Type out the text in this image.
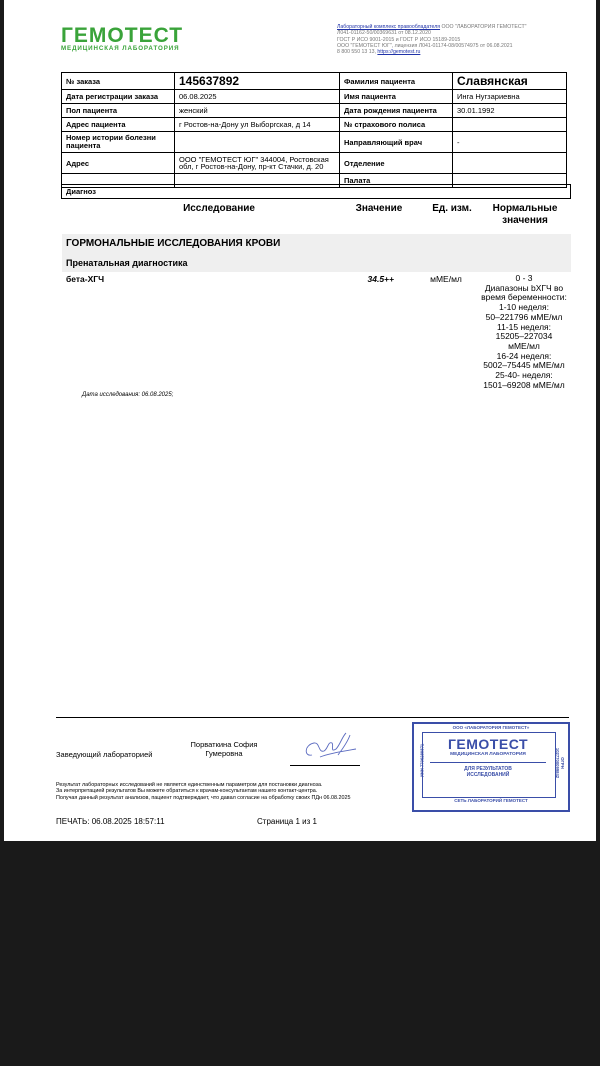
ГЕМОТЕСТ
МЕДИЦИНСКАЯ ЛАБОРАТОРИЯ
Лабораторный комплекс правообладателя ООО "ЛАБОРАТОРИЯ ГЕМОТЕСТ"
Л041-01162-50/00369631 от 08.12.2020
ГОСТ Р ИСО 9001-2015 и ГОСТ Р ИСО 15189-2015
ООО "ГЕМОТЕСТ ЮГ", лицензия Л041-01174-08/00574975 от 06.08.2021
8 800 550 13 13, https://gemotest.ru
№ заказа	145637892	Фамилия пациента	Славянская
Дата регистрации заказа	06.08.2025	Имя пациента	Инга Нугзариевна
Пол пациента	женский	Дата рождения пациента	30.01.1992
Адрес пациента	г Ростов-на-Дону ул Выборгская, д 14	№ страхового полиса	
Номер истории болезни пациента		Направляющий врач	-
Адрес	ООО "ГЕМОТЕСТ ЮГ" 344004, Ростовская обл, г Ростов-на-Дону, пр-кт Стачки, д. 20	Отделение	
		Палата	
Диагноз
Исследование	Значение	Ед. изм.	Нормальные
значения
ГОРМОНАЛЬНЫЕ ИССЛЕДОВАНИЯ КРОВИ
Пренатальная диагностика
бета-ХГЧ	34.5++	мМЕ/мл	0 - 3
Диапазоны bХГЧ во
время беременности:
1-10 неделя:
50–221796 мМЕ/мл
11-15 неделя:
15205–227034
мМЕ/мл
16-24 неделя:
5002–75445 мМЕ/мл
25-40- неделя:
1501–69208 мМЕ/мл
Дата исследования: 06.08.2025;
Заведующий лабораторией
Порваткина София
Гумеровна
ООО «ЛАБОРАТОРИЯ ГЕМОТЕСТ»
ИНН 7706289871	ОГРН 1027700099842
ГЕМОТЕСТ
МЕДИЦИНСКАЯ ЛАБОРАТОРИЯ
ДЛЯ РЕЗУЛЬТАТОВ
ИССЛЕДОВАНИЙ
СЕТЬ ЛАБОРАТОРИЙ ГЕМОТЕСТ
Результат лабораторных исследований не является единственным параметром для постановки диагноза.
За интерпретацией результатов Вы можете обратиться к врачам-консультантам нашего контакт-центра.
Получая данный результат анализов, пациент подтверждает, что давал согласие на обработку своих ПДн 06.08.2025
ПЕЧАТЬ: 06.08.2025 18:57:11	Страница 1 из 1
